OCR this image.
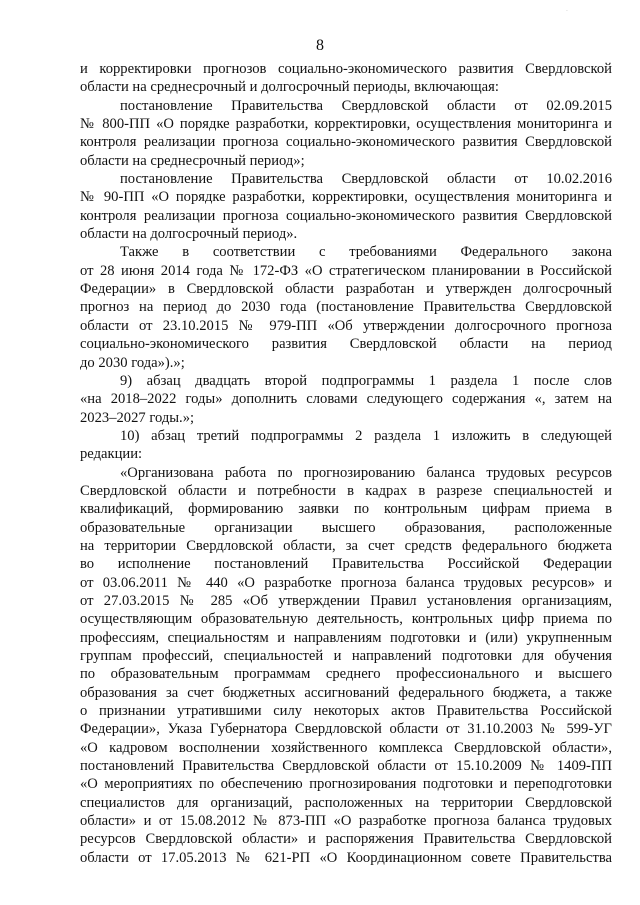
.
8

и корректировки прогнозов социально-экономического развития Свердловской

области на среднесрочный и долгосрочный периоды, включающая:

постановление Правительства Свердловской области от 02.09.2015

№ 800-ПП «О порядке разработки, корректировки, осуществления мониторинга и

контроля реализации прогноза социально-экономического развития Свердловской

области на среднесрочный период»;

постановление Правительства Свердловской области от 10.02.2016

№ 90-ПП «О порядке разработки, корректировки, осуществления мониторинга и

контроля реализации прогноза социально-экономического развития Свердловской

области на долгосрочный период».

Также в соответствии с требованиями Федерального закона

от 28 июня 2014 года № 172-ФЗ «О стратегическом планировании в Российской

Федерации» в Свердловской области разработан и утвержден долгосрочный

прогноз на период до 2030 года (постановление Правительства Свердловской

области от 23.10.2015 № 979-ПП «Об утверждении долгосрочного прогноза

социально-экономического развития Свердловской области на период

до 2030 года»).»;

9) абзац двадцать второй подпрограммы 1 раздела 1 после слов

«на 2018–2022 годы» дополнить словами следующего содержания «, затем на

2023–2027 годы.»;

10) абзац третий подпрограммы 2 раздела 1 изложить в следующей

редакции:

«Организована работа по прогнозированию баланса трудовых ресурсов

Свердловской области и потребности в кадрах в разрезе специальностей и

квалификаций, формированию заявки по контрольным цифрам приема в

образовательные организации высшего образования, расположенные

на территории Свердловской области, за счет средств федерального бюджета

во исполнение постановлений Правительства Российской Федерации

от 03.06.2011 № 440 «О разработке прогноза баланса трудовых ресурсов» и

от 27.03.2015 № 285 «Об утверждении Правил установления организациям,

осуществляющим образовательную деятельность, контрольных цифр приема по

профессиям, специальностям и направлениям подготовки и (или) укрупненным

группам профессий, специальностей и направлений подготовки для обучения

по образовательным программам среднего профессионального и высшего

образования за счет бюджетных ассигнований федерального бюджета, а также

о признании утратившими силу некоторых актов Правительства Российской

Федерации», Указа Губернатора Свердловской области от 31.10.2003 № 599-УГ

«О кадровом восполнении хозяйственного комплекса Свердловской области»,

постановлений Правительства Свердловской области от 15.10.2009 № 1409-ПП

«О мероприятиях по обеспечению прогнозирования подготовки и переподготовки

специалистов для организаций, расположенных на территории Свердловской

области» и от 15.08.2012 № 873-ПП «О разработке прогноза баланса трудовых

ресурсов Свердловской области» и распоряжения Правительства Свердловской

области от 17.05.2013 № 621-РП «О Координационном совете Правительства
